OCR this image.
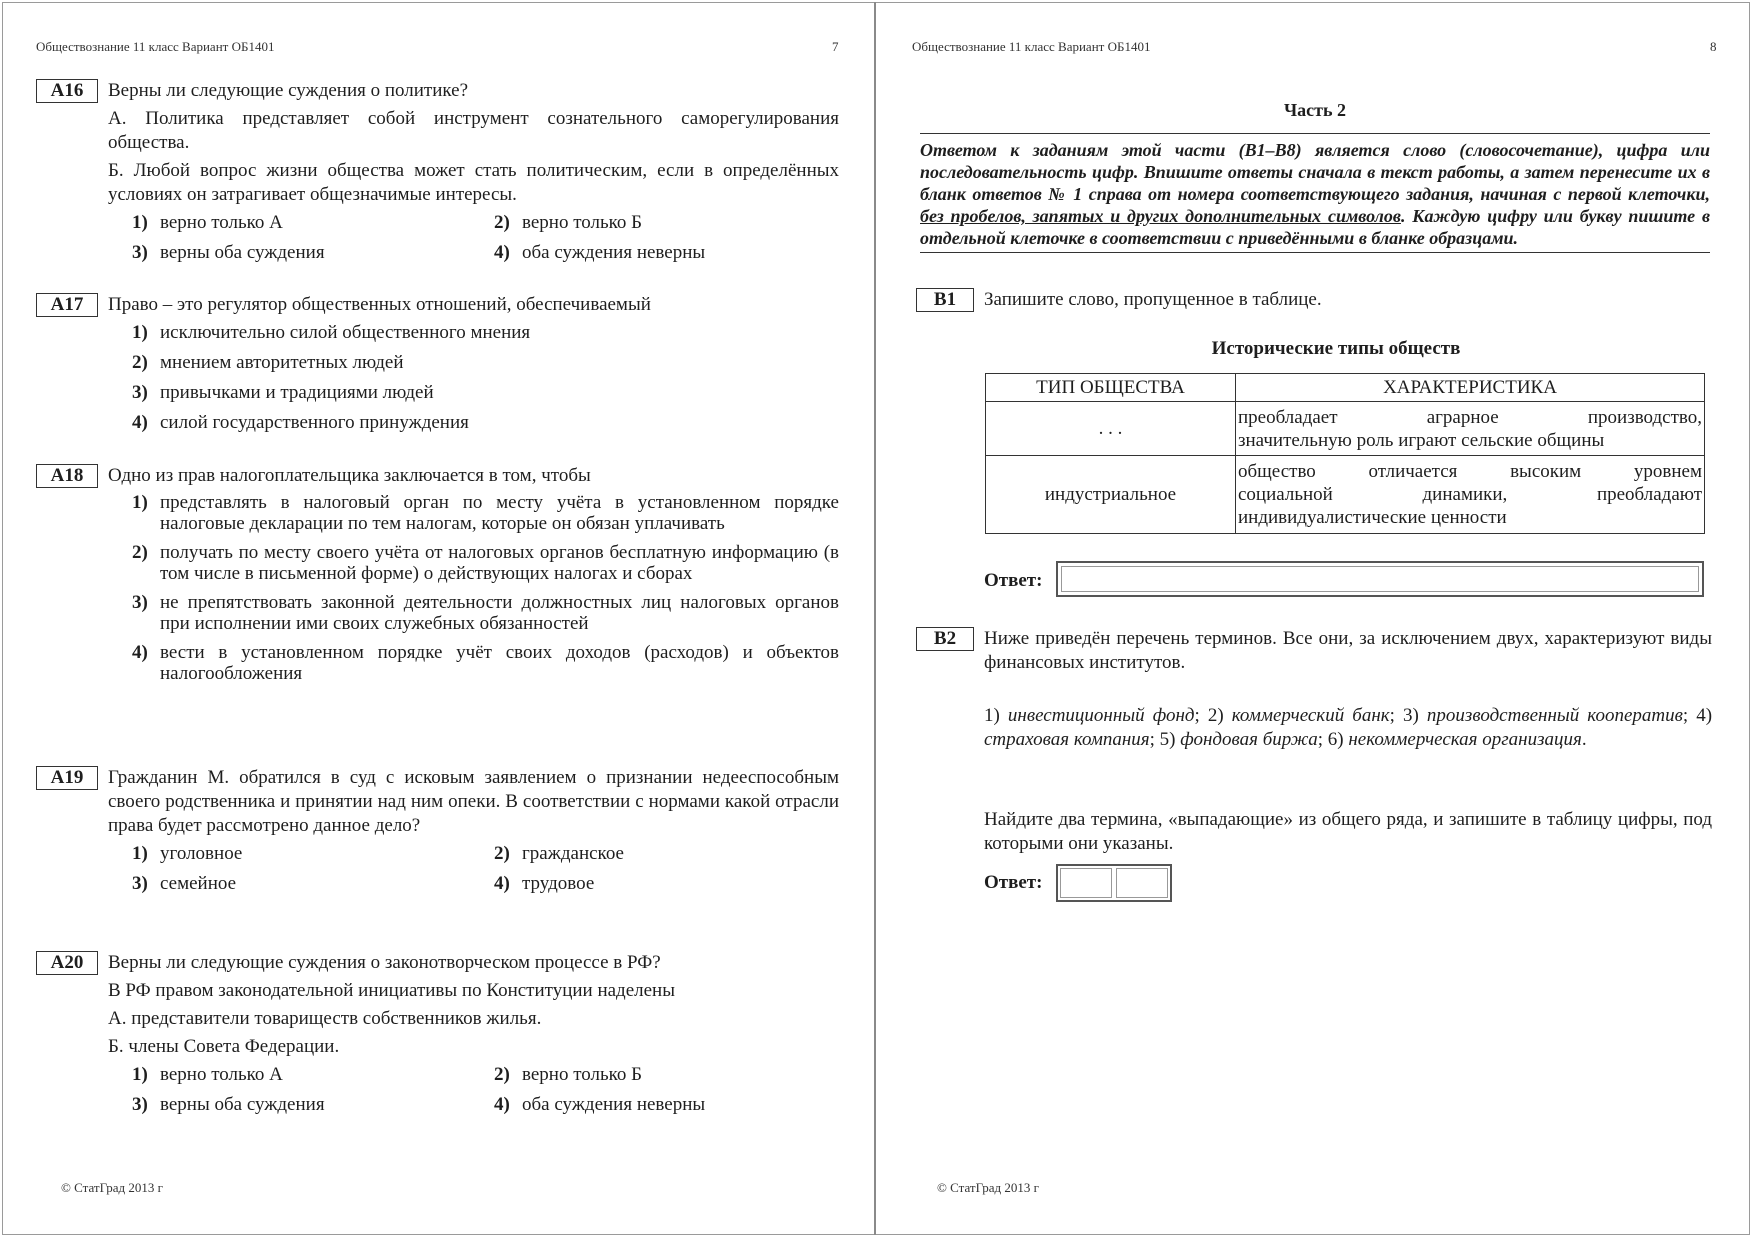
Обществознание 11 класс Вариант ОБ1401	7
А16	Верны ли следующие суждения о политике?

А. Политика представляет собой инструмент сознательного саморегулирования общества.

Б. Любой вопрос жизни общества может стать политическим, если в определённых условиях он затрагивает общезначимые интересы.

1) верно только А	2) верно только Б
3) верны оба суждения	4) оба суждения неверны
А17	Право – это регулятор общественных отношений, обеспечиваемый

1) исключительно силой общественного мнения
2) мнением авторитетных людей
3) привычками и традициями людей
4) силой государственного принуждения
А18	Одно из прав налогоплательщика заключается в том, чтобы

1) представлять в налоговый орган по месту учёта в установленном порядке налоговые декларации по тем налогам, которые он обязан уплачивать
2) получать по месту своего учёта от налоговых органов бесплатную информацию (в том числе в письменной форме) о действующих налогах и сборах
3) не препятствовать законной деятельности должностных лиц налоговых органов при исполнении ими своих служебных обязанностей
4) вести в установленном порядке учёт своих доходов (расходов) и объектов налогообложения
А19	Гражданин М. обратился в суд с исковым заявлением о признании недееспособным своего родственника и принятии над ним опеки. В соответствии с нормами какой отрасли права будет рассмотрено данное дело?

1) уголовное	2) гражданское
3) семейное	4) трудовое
А20	Верны ли следующие суждения о законотворческом процессе в РФ?

В РФ правом законодательной инициативы по Конституции наделены

А. представители товариществ собственников жилья.

Б. члены Совета Федерации.

1) верно только А	2) верно только Б
3) верны оба суждения	4) оба суждения неверны
© СтатГрад 2013 г
Обществознание 11 класс Вариант ОБ1401	8
Часть 2
Ответом к заданиям этой части (В1–В8) является слово (словосочетание), цифра или последовательность цифр. Впишите ответы сначала в текст работы, а затем перенесите их в бланк ответов № 1 справа от номера соответствующего задания, начиная с первой клеточки, без пробелов, запятых и других дополнительных символов. Каждую цифру или букву пишите в отдельной клеточке в соответствии с приведёнными в бланке образцами.
В1	Запишите слово, пропущенное в таблице.
Исторические типы обществ
ТИП ОБЩЕСТВА	ХАРАКТЕРИСТИКА
. . .	преобладает аграрное производство,
значительную роль играют сельские общины

индустриальное	общество отличается высоким уровнем
социальной динамики, преобладают
индивидуалистические ценности
Ответ:
В2	Ниже приведён перечень терминов. Все они, за исключением двух, характеризуют виды финансовых институтов.

1) инвестиционный фонд; 2) коммерческий банк; 3) производственный кооператив; 4) страховая компания; 5) фондовая биржа; 6) некоммерческая организация.
Найдите два термина, «выпадающие» из общего ряда, и запишите в таблицу цифры, под которыми они указаны.
Ответ:
© СтатГрад 2013 г
